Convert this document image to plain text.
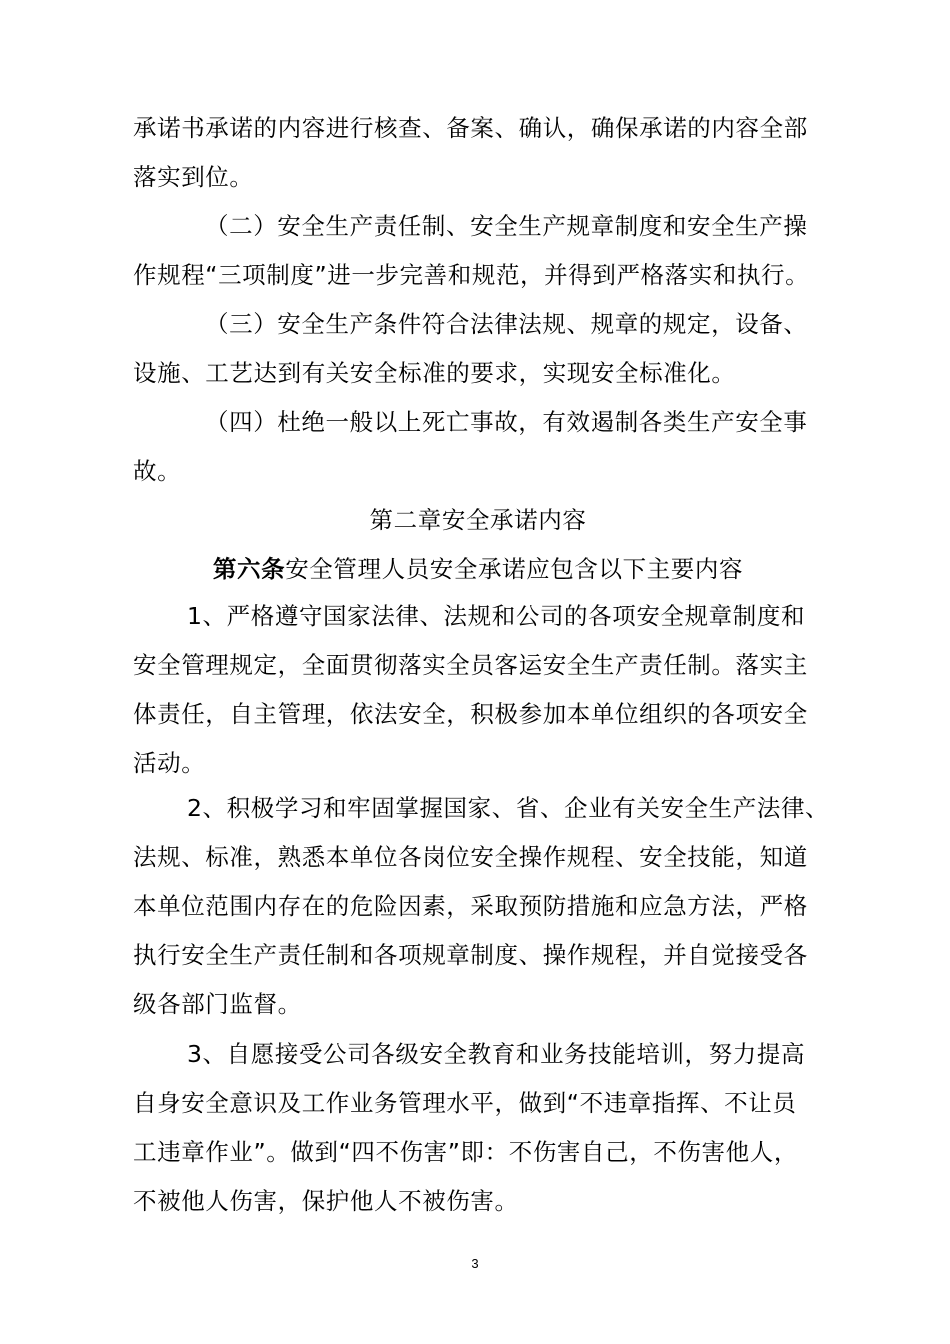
承诺书承诺的内容进行核查、备案、确认，确保承诺的内容全部
落实到位。
（二）安全生产责任制、安全生产规章制度和安全生产操
作规程“三项制度”进一步完善和规范，并得到严格落实和执行。
（三）安全生产条件符合法律法规、规章的规定，设备、
设施、工艺达到有关安全标准的要求，实现安全标准化。
（四）杜绝一般以上死亡事故，有效遏制各类生产安全事
故。
第二章安全承诺内容
第六条安全管理人员安全承诺应包含以下主要内容
1、严格遵守国家法律、法规和公司的各项安全规章制度和
安全管理规定，全面贯彻落实全员客运安全生产责任制。落实主
体责任，自主管理，依法安全，积极参加本单位组织的各项安全
活动。
2、积极学习和牢固掌握国家、省、企业有关安全生产法律、
法规、标准，熟悉本单位各岗位安全操作规程、安全技能，知道
本单位范围内存在的危险因素，采取预防措施和应急方法，严格
执行安全生产责任制和各项规章制度、操作规程，并自觉接受各
级各部门监督。
3、自愿接受公司各级安全教育和业务技能培训，努力提高
自身安全意识及工作业务管理水平，做到“不违章指挥、不让员
工违章作业”。做到“四不伤害”即：不伤害自己，不伤害他人，
不被他人伤害，保护他人不被伤害。
3
